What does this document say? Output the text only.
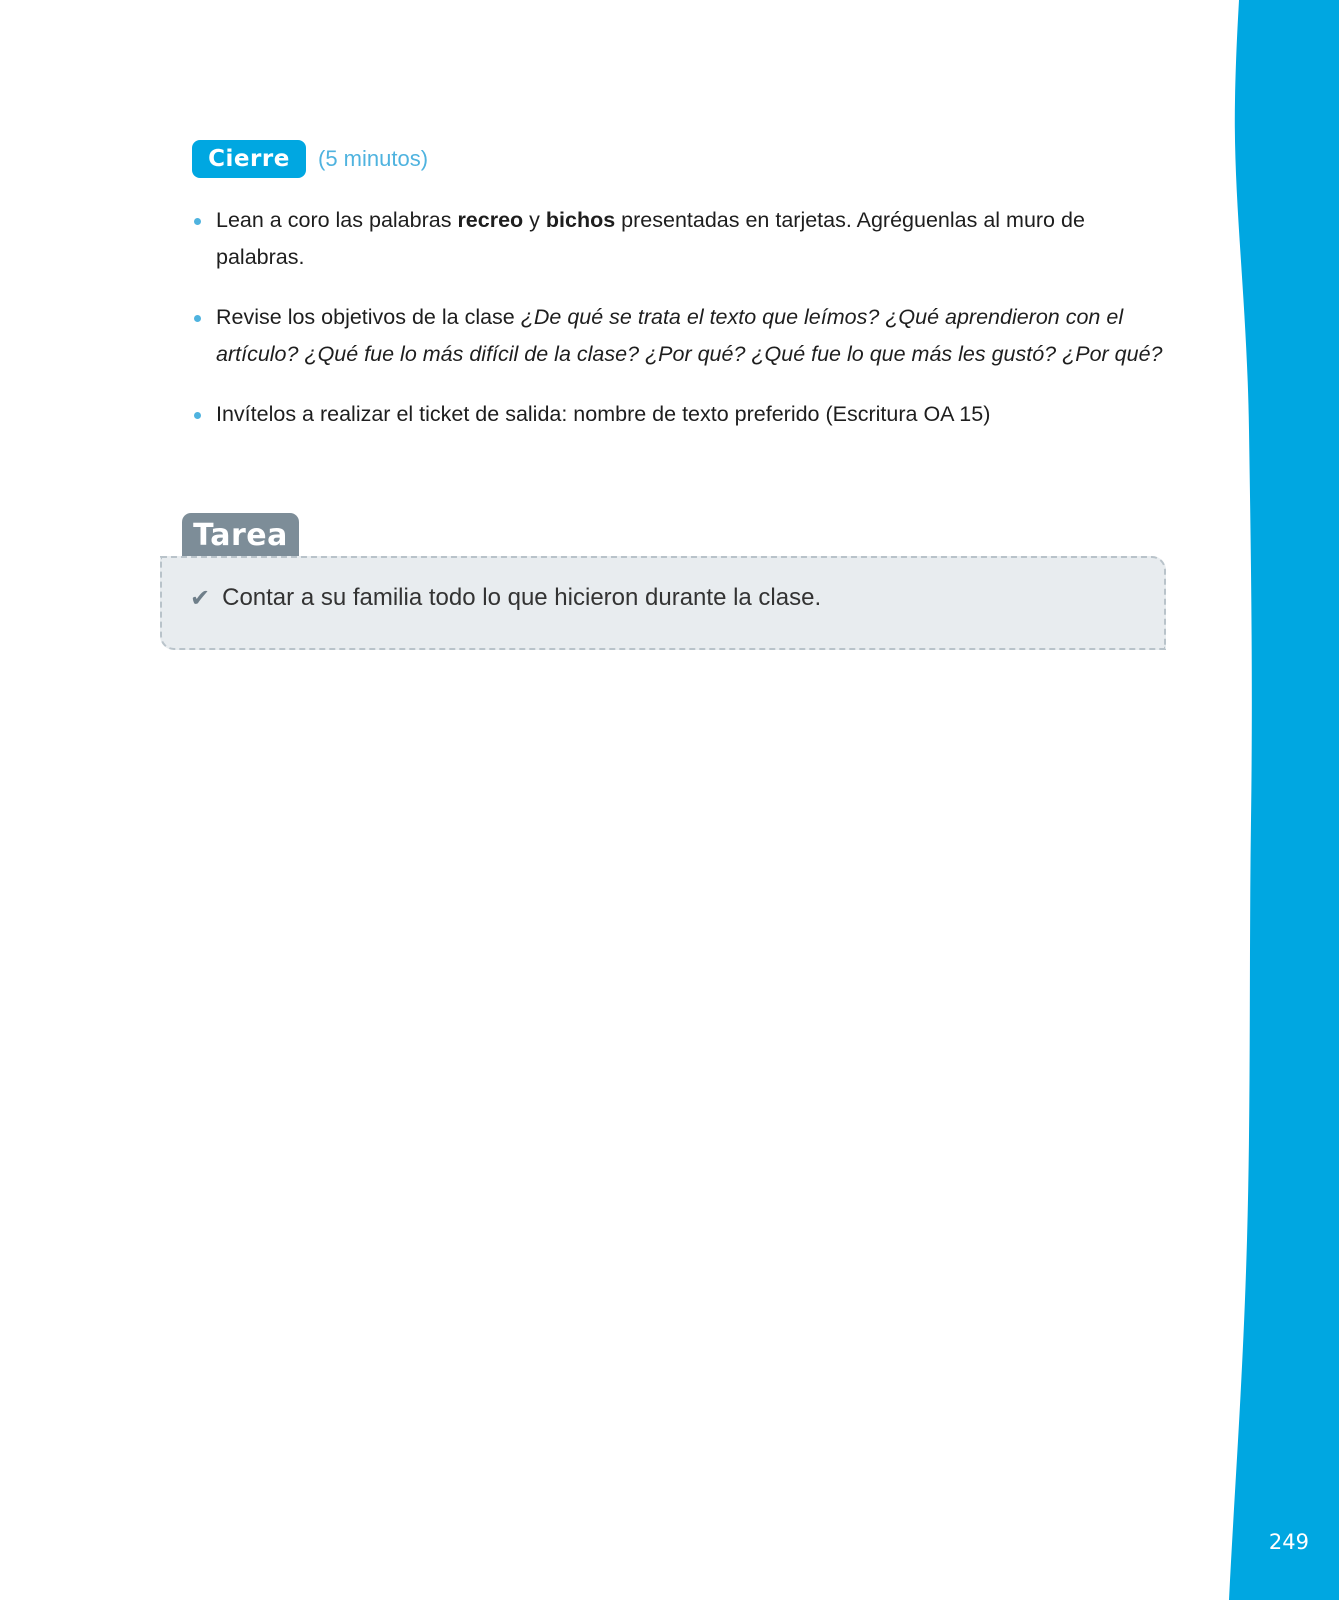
249
Cierre	(5 minutos)
Lean a coro las palabras recreo y bichos presentadas en tarjetas. Agréguenlas al muro de palabras.
Revise los objetivos de la clase ¿De qué se trata el texto que leímos? ¿Qué aprendieron con el artículo? ¿Qué fue lo más difícil de la clase? ¿Por qué? ¿Qué fue lo que más les gustó? ¿Por qué?
Invítelos a realizar el ticket de salida: nombre de texto preferido (Escritura OA 15)
Tarea
✔ Contar a su familia todo lo que hicieron durante la clase.
